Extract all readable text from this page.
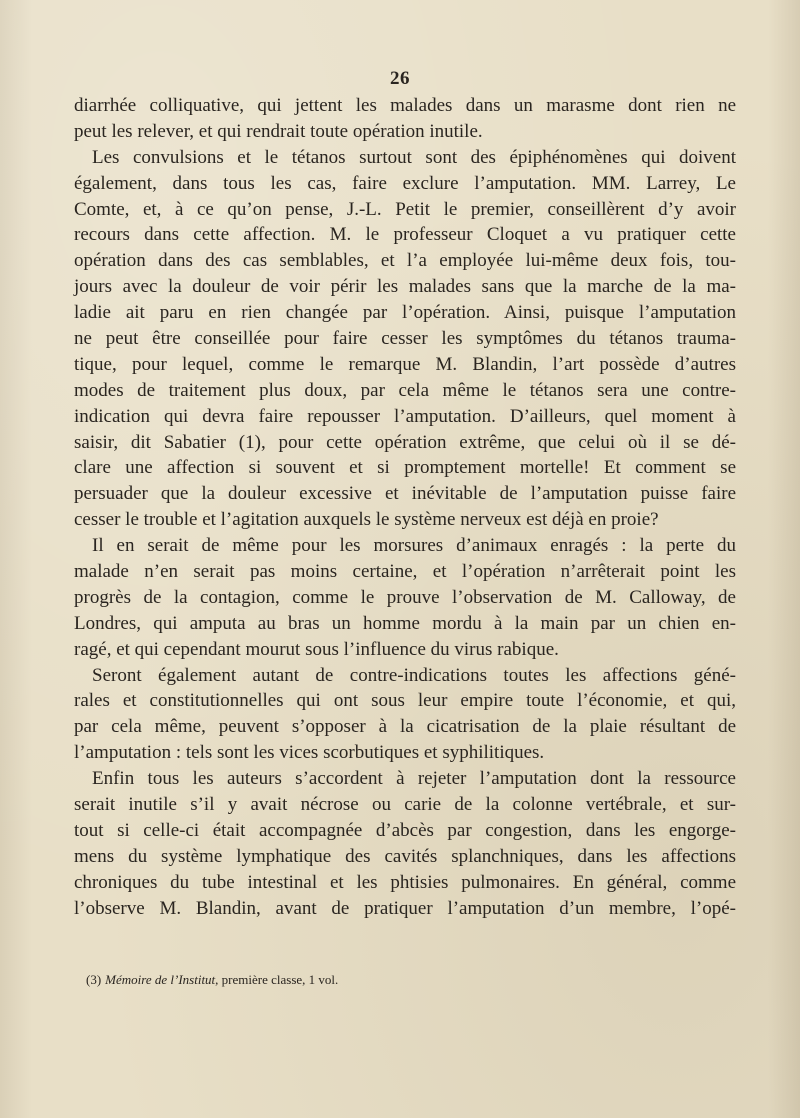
26
diarrhée colliquative, qui jettent les malades dans un marasme dont rien ne
peut les relever, et qui rendrait toute opération inutile.
Les convulsions et le tétanos surtout sont des épiphénomènes qui doivent
également, dans tous les cas, faire exclure l’amputation. MM. Larrey, Le
Comte, et, à ce qu’on pense, J.-L. Petit le premier, conseillèrent d’y avoir
recours dans cette affection. M. le professeur Cloquet a vu pratiquer cette
opération dans des cas semblables, et l’a employée lui-même deux fois, tou-
jours avec la douleur de voir périr les malades sans que la marche de la ma-
ladie ait paru en rien changée par l’opération. Ainsi, puisque l’amputation
ne peut être conseillée pour faire cesser les symptômes du tétanos trauma-
tique, pour lequel, comme le remarque M. Blandin, l’art possède d’autres
modes de traitement plus doux, par cela même le tétanos sera une contre-
indication qui devra faire repousser l’amputation. D’ailleurs, quel moment à
saisir, dit Sabatier (1), pour cette opération extrême, que celui où il se dé-
clare une affection si souvent et si promptement mortelle! Et comment se
persuader que la douleur excessive et inévitable de l’amputation puisse faire
cesser le trouble et l’agitation auxquels le système nerveux est déjà en proie?
Il en serait de même pour les morsures d’animaux enragés : la perte du
malade n’en serait pas moins certaine, et l’opération n’arrêterait point les
progrès de la contagion, comme le prouve l’observation de M. Calloway, de
Londres, qui amputa au bras un homme mordu à la main par un chien en-
ragé, et qui cependant mourut sous l’influence du virus rabique.
Seront également autant de contre-indications toutes les affections géné-
rales et constitutionnelles qui ont sous leur empire toute l’économie, et qui,
par cela même, peuvent s’opposer à la cicatrisation de la plaie résultant de
l’amputation : tels sont les vices scorbutiques et syphilitiques.
Enfin tous les auteurs s’accordent à rejeter l’amputation dont la ressource
serait inutile s’il y avait nécrose ou carie de la colonne vertébrale, et sur-
tout si celle-ci était accompagnée d’abcès par congestion, dans les engorge-
mens du système lymphatique des cavités splanchniques, dans les affections
chroniques du tube intestinal et les phtisies pulmonaires. En général, comme
l’observe M. Blandin, avant de pratiquer l’amputation d’un membre, l’opé-
(3) Mémoire de l’Institut, première classe, 1 vol.
